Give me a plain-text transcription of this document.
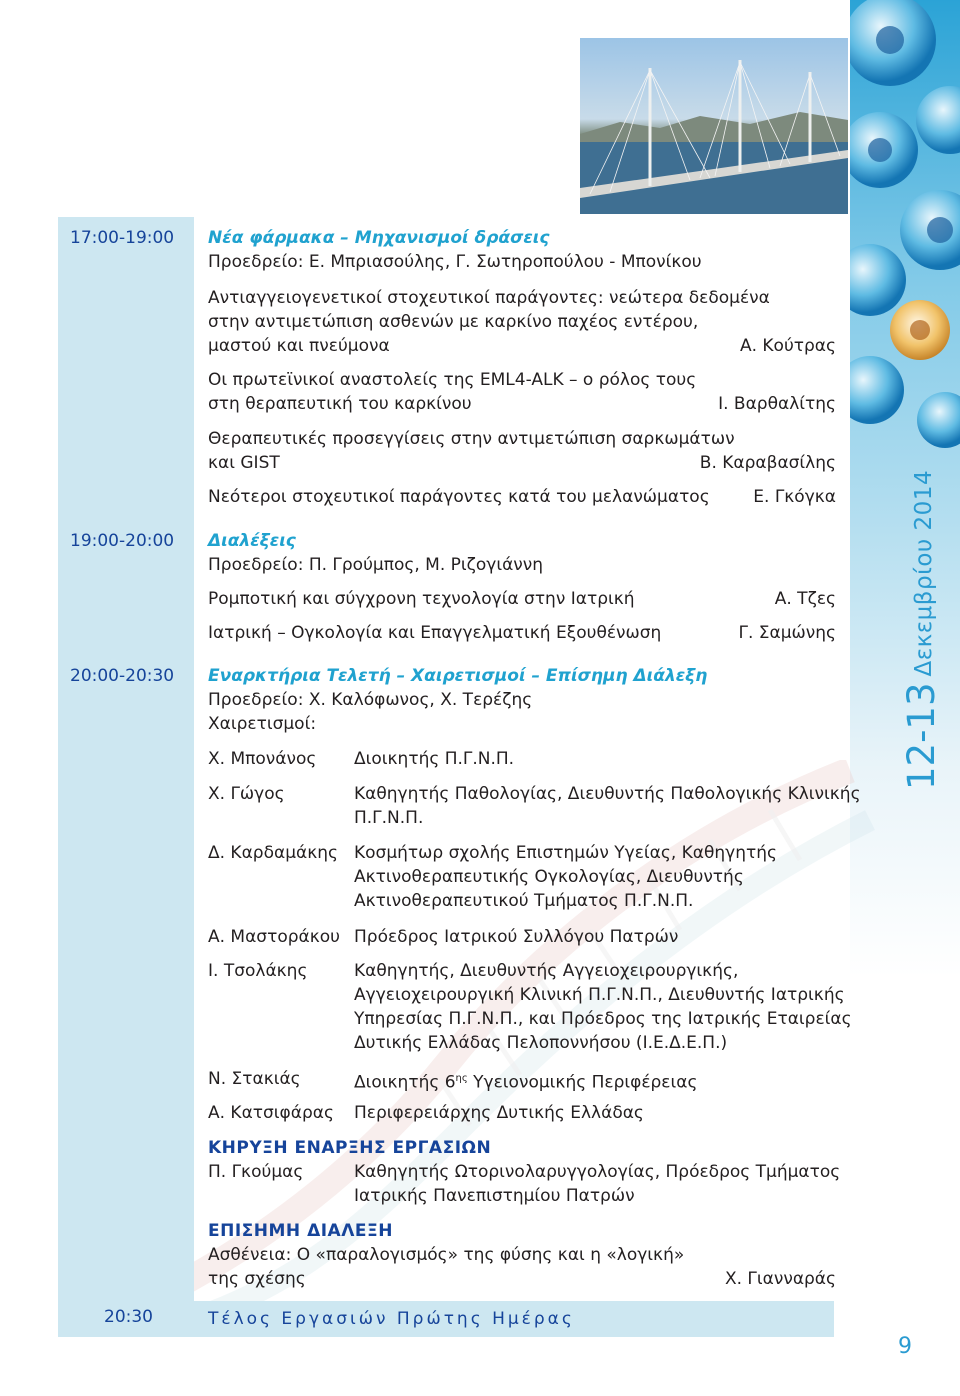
17:00-19:00 Νέα φάρμακα – Μηχανισμοί δράσεις
Προεδρείο: Ε. Μπριασούλης, Γ. Σωτηροπούλου - Μπονίκου
Αντιαγγειογενετικοί στοχευτικοί παράγοντες: νεώτερα δεδομένα
στην αντιμετώπιση ασθενών με καρκίνο παχέος εντέρου,
μαστού και πνεύμονα	Α. Κούτρας
Οι πρωτεϊνικοί αναστολείς της EML4-ALK – ο ρόλος τους
στη θεραπευτική του καρκίνου	Ι. Βαρθαλίτης
Θεραπευτικές προσεγγίσεις στην αντιμετώπιση σαρκωμάτων
και GIST	Β. Καραβασίλης
Νεότεροι στοχευτικοί παράγοντες κατά του μελανώματος	Ε. Γκόγκα
19:00-20:00 Διαλέξεις
Προεδρείο: Π. Γρούμπος, Μ. Ριζογιάννη
Ρομποτική και σύγχρονη τεχνολογία στην Ιατρική	Α. Τζες
Ιατρική – Ογκολογία και Επαγγελματική Εξουθένωση	Γ. Σαμώνης
20:00-20:30 Εναρκτήρια Τελετή – Χαιρετισμοί – Επίσημη Διάλεξη
Προεδρείο: Χ. Καλόφωνος, Χ. Τερέζης
Χαιρετισμοί:
Χ. Μπονάνος Διοικητής Π.Γ.Ν.Π.
Χ. Γώγος	Καθηγητής Παθολογίας, Διευθυντής Παθολογικής Κλινικής
Π.Γ.Ν.Π.
Δ. Καρδαμάκης Κοσμήτωρ σχολής Επιστημών Υγείας, Καθηγητής
Ακτινοθεραπευτικής Ογκολογίας, Διευθυντής
Ακτινοθεραπευτικού Τμήματος Π.Γ.Ν.Π.
Α. Μαστοράκου Πρόεδρος Ιατρικού Συλλόγου Πατρών
Ι. Τσολάκης	Καθηγητής, Διευθυντής Αγγειοχειρουργικής,
Αγγειοχειρουργική Κλινική Π.Γ.Ν.Π., Διευθυντής Ιατρικής
Υπηρεσίας Π.Γ.Ν.Π., και Πρόεδρος της Ιατρικής Εταιρείας
Δυτικής Ελλάδας Πελοποννήσου (Ι.Ε.Δ.Ε.Π.)
Ν. Στακιάς	Διοικητής $6^{\eta\varsigma}$ Υγειονομικής Περιφέρειας
Α. Κατσιφάρας Περιφερειάρχης Δυτικής Ελλάδας
ΚΗΡΥΞΗ ΕΝΑΡΞΗΣ ΕΡΓΑΣΙΩΝ
Π. Γκούμας	Καθηγητής Ωτορινολαρυγγολογίας, Πρόεδρος Τμήματος
Ιατρικής Πανεπιστημίου Πατρών
ΕΠΙΣΗΜΗ ΔΙΑΛΕΞΗ
Ασθένεια: Ο «παραλογισμός» της φύσης και η «λογική»
της σχέσης	Χ. Γιανναράς
20:30	Τέλος Εργασιών Πρώτης Ημέρας
12-13Δεκεμβρίου 2014
9
